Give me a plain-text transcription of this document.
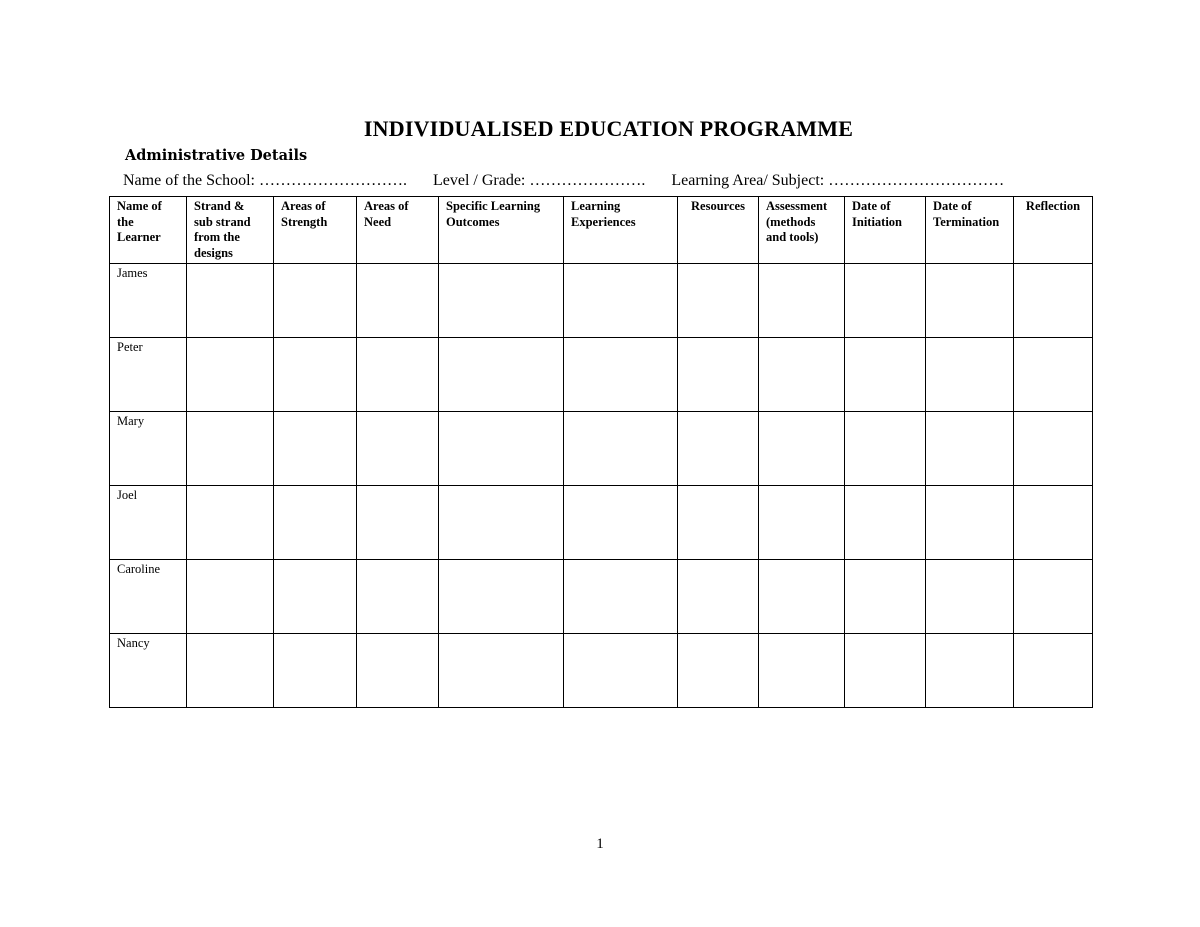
INDIVIDUALISED EDUCATION PROGRAMME
Administrative Details
Name of the School: ………………………. Level / Grade: …………………. Learning Area/ Subject: ……………………………
Name of the Learner	Strand & sub strand from the designs	Areas of Strength	Areas of Need	Specific Learning Outcomes	Learning Experiences	Resources	Assessment (methods and tools)	Date of Initiation	Date of Termination	Reflection
James										
Peter										
Mary										
Joel										
Caroline										
Nancy										
1
